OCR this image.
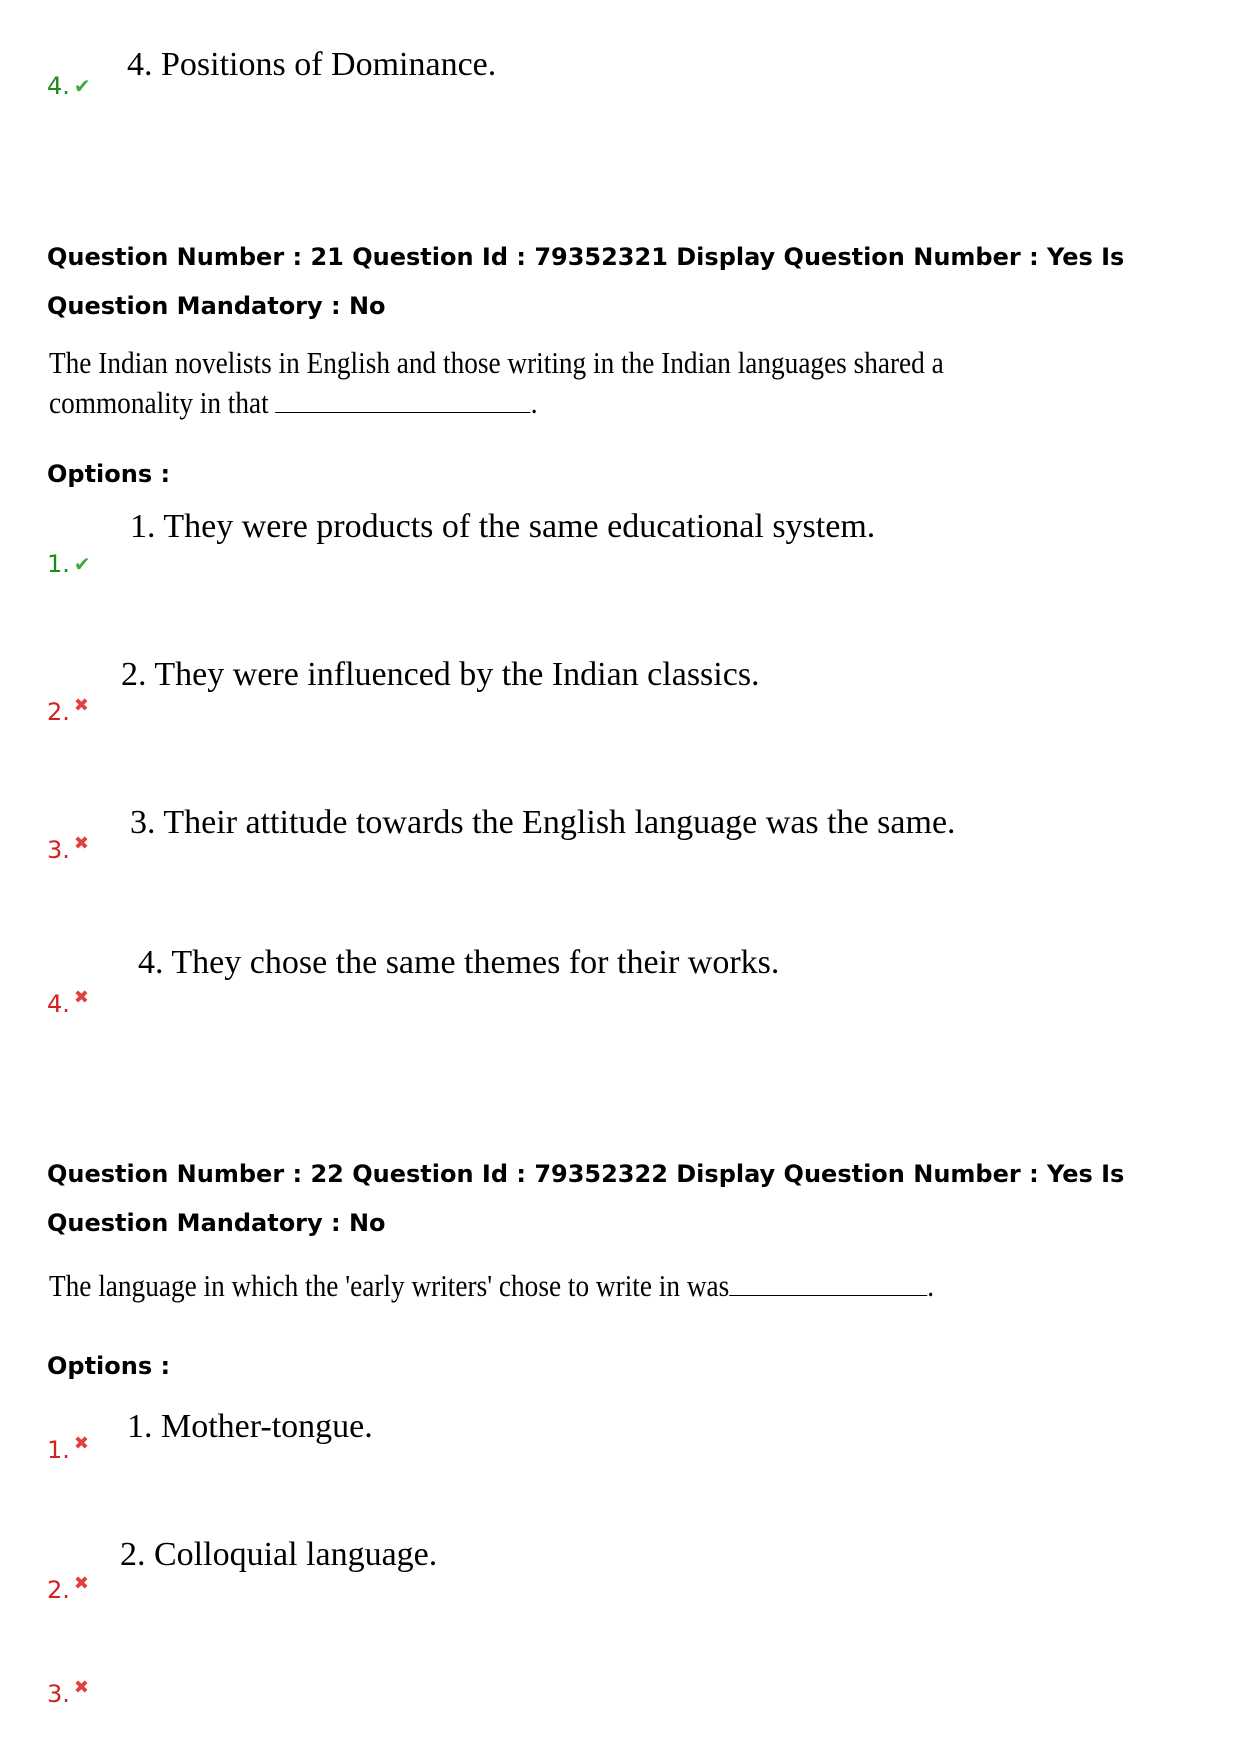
4. ✔
4. Positions of Dominance.
Question Number : 21 Question Id : 79352321 Display Question Number : Yes Is Question Mandatory : No
The Indian novelists in English and those writing in the Indian languages shared a
commonality in that	.
Options :
1. ✔
1. They were products of the same educational system.
2. ✖
2. They were influenced by the Indian classics.
3. ✖
3. Their attitude towards the English language was the same.
4. ✖
4. They chose the same themes for their works.
Question Number : 22 Question Id : 79352322 Display Question Number : Yes Is Question Mandatory : No
The language in which the 'early writers' chose to write in was	.
Options :
1. ✖ 1. Mother-tongue.
2. ✖
2. Colloquial language.
3. ✖
